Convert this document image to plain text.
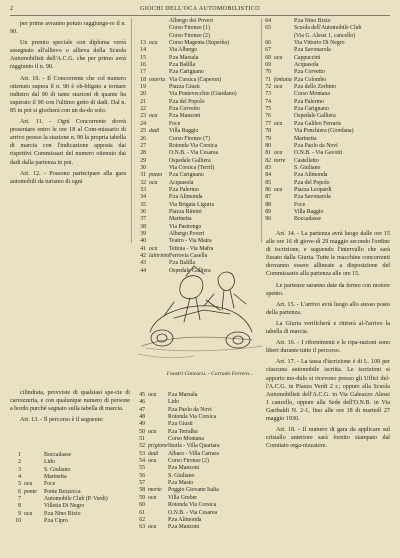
2	GIOCHI DELL'OCA AUTOMOBILISTICO

per prime avranno potuto raggiunge-re il n. 90.

Un premio speciale con diploma verrà assegnato all'allievo o allieva della Scuola Automobilisti dell'A.C.G. che per primo avrà raggiunto il n. 90.

Art. 10. - Il Concorrente che col numero ottenuto supera il n. 90 è ob-bligato a tornare indietro dal 90 di tante stazioni di quante ha superato il 90 con l'ultimo getto di dadi. Dal n. 85 in poi si giocherà con un da-do solo.

Art. 11. - Ogni Concorrente dovrà presentare entro le ore 18 al Com-missario di arrivo presso la stazione n. 90 la propria tabella di marcia con l'indicazione apposta dai rispettivi Commissari del numero ottenuto dai dadi dalla partenza in poi.

Art. 12. - Possono partecipare alla gara automobili da turismo di ogni

Albergo dei Poveri
Corso Firenze (1)
Corso Firenze (2)
13 oca	Corso Magenta (Superba)
14	Via Albergo
15	P.za Marsala
16	P.za Balilla
17	P.za Carignano
18 osteria Via Corsica (Caperon)
19	Piazza Giusti
20	Via Pontevecchio (Giardano)
21	P.za del Popolo
22	P.za Corvetto
23 oca	P.za Manzoni
24	Foce
25 dadi	Villa Raggio
26	Corso Firenze (7)
27	Rotonda Via Corsica
28	O.N.B. - Via Cesarea
29	Ospedale Galliera
30	Via Corsica (Terril)
31 pozzo	P.za Carignano
32 oca	Acquasola
33	P.za Palermo
34	P.za Alimonda
35	Via Brigata Liguria
36	Piazza Rimini
37	Marinetta
38	Via Pastrengo
39	Albergo Poveri
40	Teatro - Via Maira
41 oca	Tettoia - Via Mafra
42 labirinto Ferrovia Casella
43	P.za Balilla
44	Ospedale Galliera
64	P.za Nino Bixio
65	Scuola dell'Automobile Club
(Via G. Alessi 1, cancello)
66	Via Vittorio Di Negro
67	P.za Savonarola
68 oca	Cappuccini
69	Acquasola
70	P.za Corvetto
71 fontana P.za Colombo
72 oca	P.za dello Zerbino
73	Corso Montana
74	P.za Palermo
75	P.za Carignano
76	Ospedale Galliera
77 oca	P.za Galileo Ferraris
78	Via Ponchiera (Giordana)
79	Marinetta
80	P.za Paolo da Novi
81 oca	O.N.B. - Via Gavotti
82 torre	Castelletto
83	S. Giuliano
84	P.za Alimonda
85	P.za del Popolo
86 oca	Piazza Leopardi
87	P.za Savonarola
88	Foce
89	Villa Raggio
90	Boccadasse

Art. 14. - La partenza avrà luogo dalle ore 15 alle ore 16 di giove-dì 29 maggio secondo l'ordine di iscrizione, e seguendo l'intervallo che sarà fissato dalla Giuria. Tutte le macchine concorrenti dovranno essere allineate a disposizione del Commissario alla partenza alle ore 15.

Le partenze saranno date da fermo con motore spento.

Art. 15. - L'arrivo avrà luogo allo stesso posto della partenza.

La Giuria verificherà e ritirerà al-l'arrivo la tabella di marcia.

Art. 16. - I rifornimenti e le ripa-razioni sono liberi durante tutto il percorso.

Art. 17. - La tassa d'iscrizione è di L. 100 per ciascuna automobile iscritta. Le iscrizioni si apporto mo-dulo si ricevono presso gli Uffici del-l'A.C.G. in Piazza Verdi 2 r.; oppure alla Scuola Automobilisti dell'A.C.G. in Via Galeazzo Alessi 1 cancello, oppure alla Sede dell'O.N.B. in Via Garibaldi N. 2-1, fino alle ore 18 di martedì 27 maggio 1930.

Art. 18. - Il numero di gara da applicare sul cristallo anteriore sarà fornito stampato dal Comitato orga-nizzatore.

I nostri Concorsi. - Corrado Ferrero...

cilindrata, provviste di qualsiasi spe-cie di carrozzeria, e con qualunque numero di persone a bordo purchè segnato sulla tabella di marcia.

Art. 13. - Il percorso è il seguente:

1	Boccadasse
2	Lido
3	S. Giuliano
4	Marinetta
5 oca	Foce
6 ponte	Ponte Bezzecca
7	Automobile Club (P. Verdi)
8	Villetta Di Negro
9 oca	P.za Nino Bixio
10	P.za Cipro
45 oca	P.za Marsala
46	Lido
47	P.za Paolo da Novi
48	Rotonda Via Corsica
49	P.za Giusti
50 oca	P.za Terralba
51	Corso Montana
52 prigione Sturla - Villa Quartara
53 dadi	Albaro - Villa Carrara
54 oca	Corso Firenze (2)
55	P.za Manzoni
56	S. Giuliano
57	P.za Masio
58 morte	Poggio Giovane Italia
59 oca	Villa Gruber
60	Rotonda Via Corsica
61	O.N.B. - Via Cesarea
62	P.za Alimonda
63 oca	P.za Manzoni
